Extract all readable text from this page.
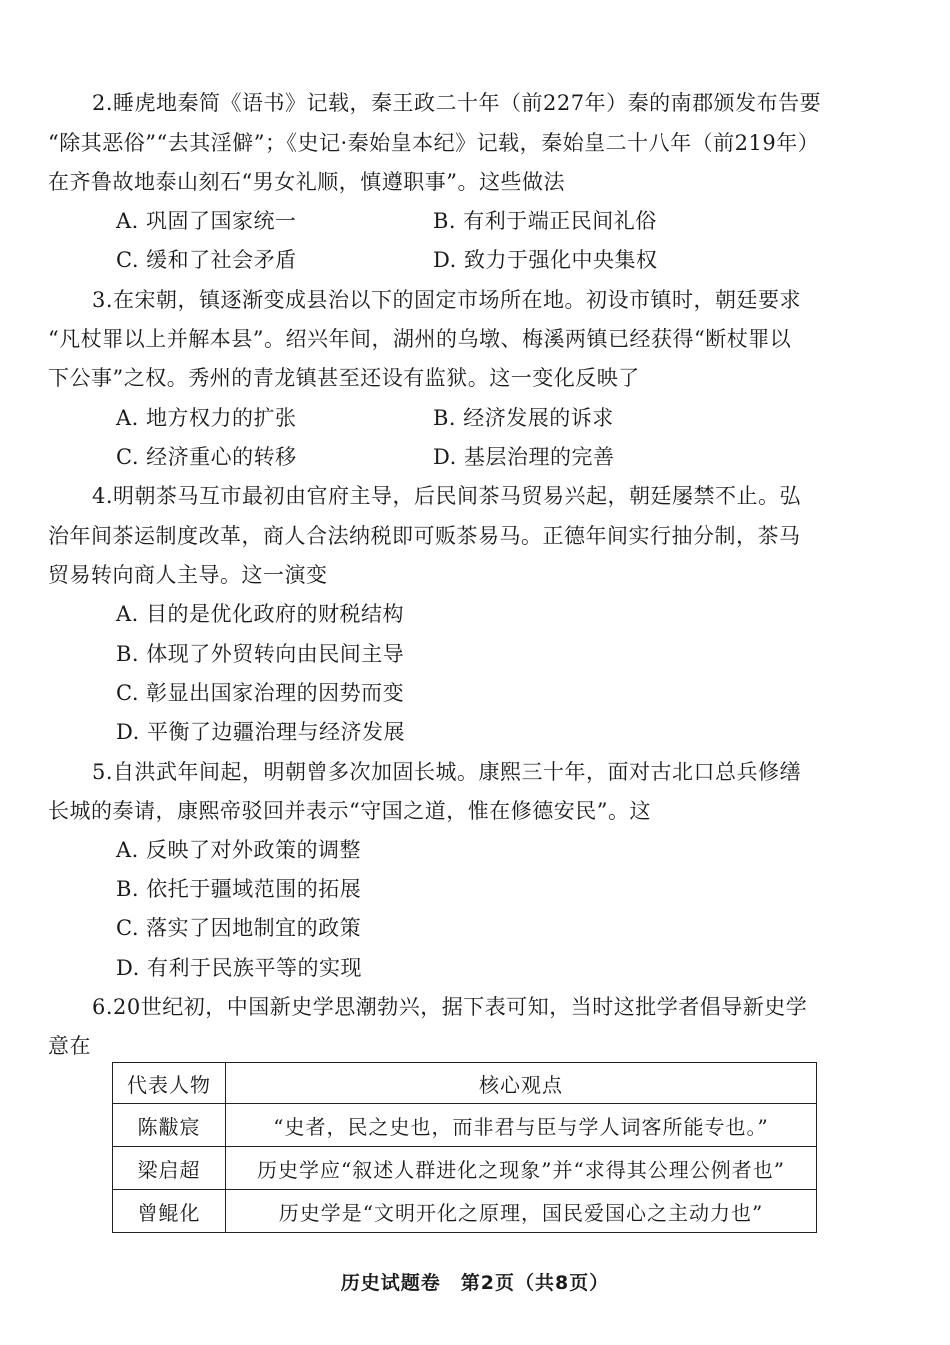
2.睡虎地秦简《语书》记载，秦王政二十年（前227年）秦的南郡颁发布告要
“除其恶俗”“去其淫僻”；《史记·秦始皇本纪》记载，秦始皇二十八年（前219年）
在齐鲁故地泰山刻石“男女礼顺，慎遵职事”。这些做法
A. 巩固了国家统一	B. 有利于端正民间礼俗
C. 缓和了社会矛盾	D. 致力于强化中央集权
3.在宋朝，镇逐渐变成县治以下的固定市场所在地。初设市镇时，朝廷要求
“凡杖罪以上并解本县”。绍兴年间，湖州的乌墩、梅溪两镇已经获得“断杖罪以
下公事”之权。秀州的青龙镇甚至还设有监狱。这一变化反映了
A. 地方权力的扩张	B. 经济发展的诉求
C. 经济重心的转移	D. 基层治理的完善
4.明朝茶马互市最初由官府主导，后民间茶马贸易兴起，朝廷屡禁不止。弘
治年间茶运制度改革，商人合法纳税即可贩茶易马。正德年间实行抽分制，茶马
贸易转向商人主导。这一演变
A. 目的是优化政府的财税结构
B. 体现了外贸转向由民间主导
C. 彰显出国家治理的因势而变
D. 平衡了边疆治理与经济发展
5.自洪武年间起，明朝曾多次加固长城。康熙三十年，面对古北口总兵修缮
长城的奏请，康熙帝驳回并表示“守国之道，惟在修德安民”。这
A. 反映了对外政策的调整
B. 依托于疆域范围的拓展
C. 落实了因地制宜的政策
D. 有利于民族平等的实现
6.20世纪初，中国新史学思潮勃兴，据下表可知，当时这批学者倡导新史学
意在
代表人物	核心观点
陈黻宸	“史者，民之史也，而非君与臣与学人词客所能专也。”
梁启超	历史学应“叙述人群进化之现象”并“求得其公理公例者也”
曾鲲化	历史学是“文明开化之原理，国民爱国心之主动力也”
历史试题卷　第2页（共8页）
